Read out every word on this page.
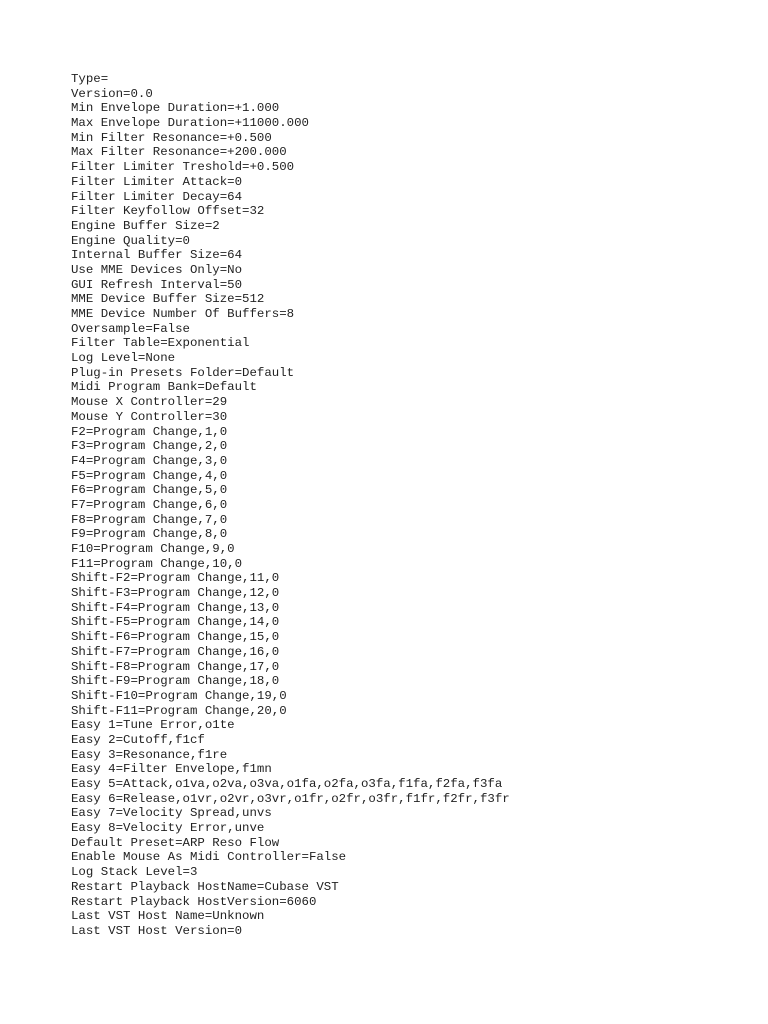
Type=
Version=0.0
Min Envelope Duration=+1.000
Max Envelope Duration=+11000.000
Min Filter Resonance=+0.500
Max Filter Resonance=+200.000
Filter Limiter Treshold=+0.500
Filter Limiter Attack=0
Filter Limiter Decay=64
Filter Keyfollow Offset=32
Engine Buffer Size=2
Engine Quality=0
Internal Buffer Size=64
Use MME Devices Only=No
GUI Refresh Interval=50
MME Device Buffer Size=512
MME Device Number Of Buffers=8
Oversample=False
Filter Table=Exponential
Log Level=None
Plug-in Presets Folder=Default
Midi Program Bank=Default
Mouse X Controller=29
Mouse Y Controller=30
F2=Program Change,1,0
F3=Program Change,2,0
F4=Program Change,3,0
F5=Program Change,4,0
F6=Program Change,5,0
F7=Program Change,6,0
F8=Program Change,7,0
F9=Program Change,8,0
F10=Program Change,9,0
F11=Program Change,10,0
Shift-F2=Program Change,11,0
Shift-F3=Program Change,12,0
Shift-F4=Program Change,13,0
Shift-F5=Program Change,14,0
Shift-F6=Program Change,15,0
Shift-F7=Program Change,16,0
Shift-F8=Program Change,17,0
Shift-F9=Program Change,18,0
Shift-F10=Program Change,19,0
Shift-F11=Program Change,20,0
Easy 1=Tune Error,o1te
Easy 2=Cutoff,f1cf
Easy 3=Resonance,f1re
Easy 4=Filter Envelope,f1mn
Easy 5=Attack,o1va,o2va,o3va,o1fa,o2fa,o3fa,f1fa,f2fa,f3fa
Easy 6=Release,o1vr,o2vr,o3vr,o1fr,o2fr,o3fr,f1fr,f2fr,f3fr
Easy 7=Velocity Spread,unvs
Easy 8=Velocity Error,unve
Default Preset=ARP Reso Flow
Enable Mouse As Midi Controller=False
Log Stack Level=3
Restart Playback HostName=Cubase VST
Restart Playback HostVersion=6060
Last VST Host Name=Unknown
Last VST Host Version=0
